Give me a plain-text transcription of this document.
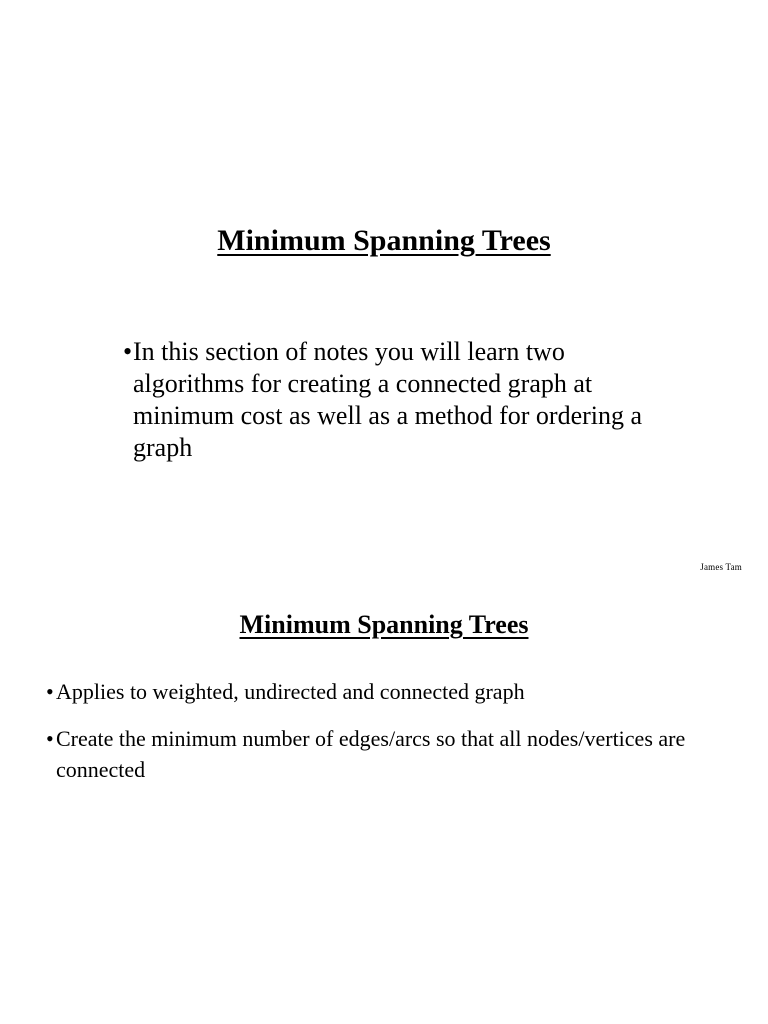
Minimum Spanning Trees
• In this section of notes you will learn two algorithms for creating a connected graph at minimum cost as well as a method for ordering a graph
James Tam
Minimum Spanning Trees
• Applies to weighted, undirected and connected graph
• Create the minimum number of edges/arcs so that all nodes/vertices are connected
